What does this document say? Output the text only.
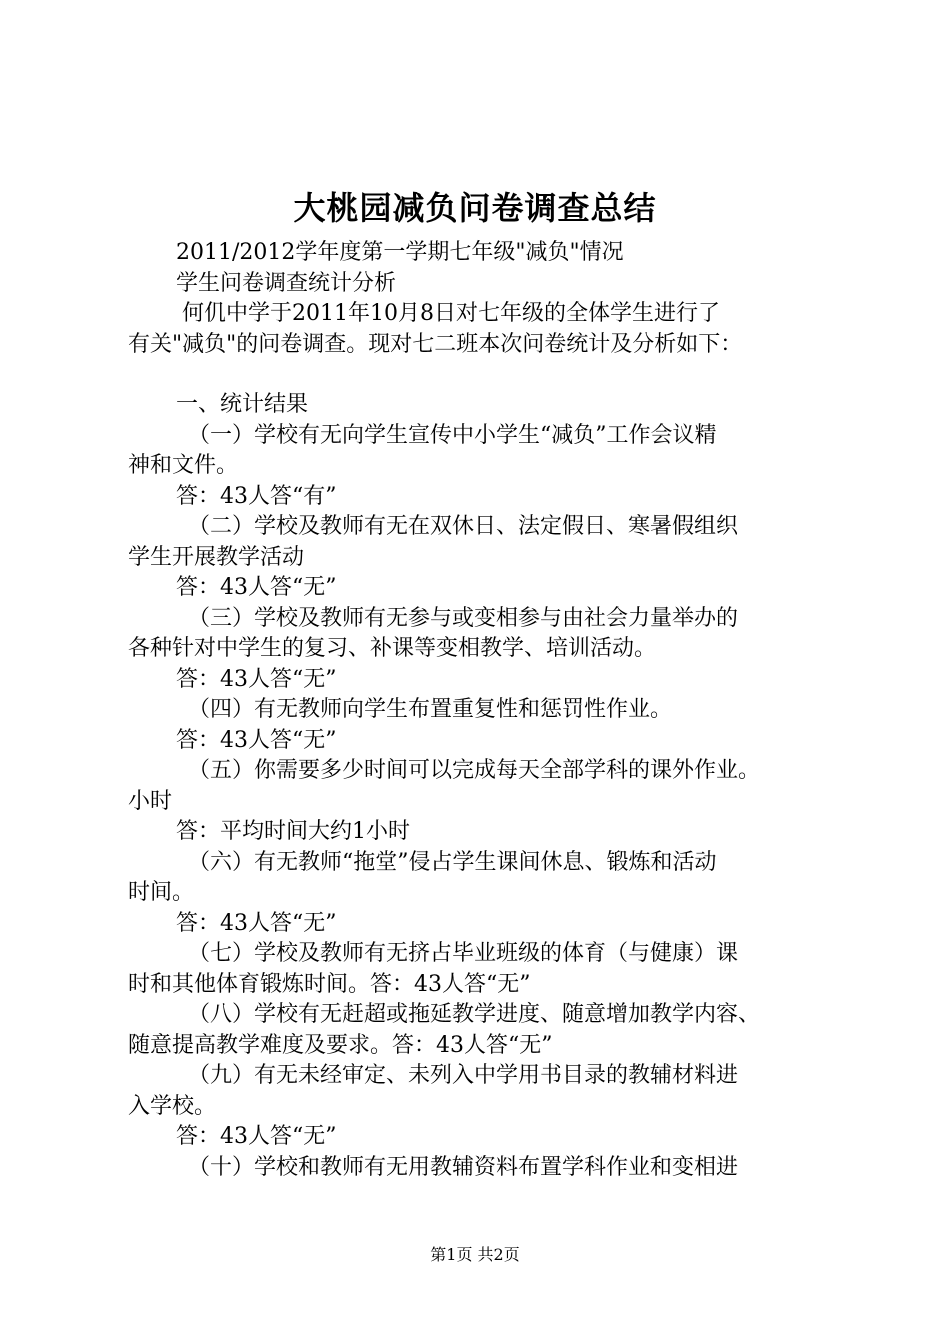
大桃园减负问卷调查总结
2011/2012学年度第一学期七年级"减负"情况
学生问卷调查统计分析
何仉中学于2011年10月8日对七年级的全体学生进行了
有关"减负"的问卷调查。现对七二班本次问卷统计及分析如下：
一、统计结果
（一）学校有无向学生宣传中小学生“减负”工作会议精
神和文件。
答：43人答“有”
（二）学校及教师有无在双休日、法定假日、寒暑假组织
学生开展教学活动
答：43人答“无”
（三）学校及教师有无参与或变相参与由社会力量举办的
各种针对中学生的复习、补课等变相教学、培训活动。
答：43人答“无”
（四）有无教师向学生布置重复性和惩罚性作业。
答：43人答“无”
（五）你需要多少时间可以完成每天全部学科的课外作业。
小时
答：平均时间大约1小时
（六）有无教师“拖堂”侵占学生课间休息、锻炼和活动
时间。
答：43人答“无”
（七）学校及教师有无挤占毕业班级的体育（与健康）课
时和其他体育锻炼时间。答：43人答“无”
（八）学校有无赶超或拖延教学进度、随意增加教学内容、
随意提高教学难度及要求。答：43人答“无”
（九）有无未经审定、未列入中学用书目录的教辅材料进
入学校。
答：43人答“无”
（十）学校和教师有无用教辅资料布置学科作业和变相进
第1页 共2页
